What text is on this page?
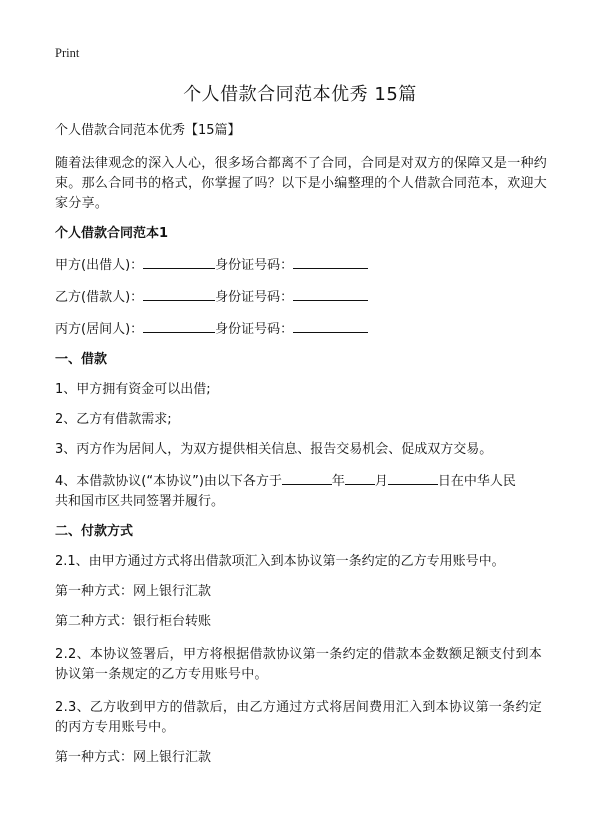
Print
个人借款合同范本优秀 15篇

个人借款合同范本优秀【15篇】

随着法律观念的深入人心，很多场合都离不了合同，合同是对双方的保障又是一种约束。那么合同书的格式，你掌握了吗？以下是小编整理的个人借款合同范本，欢迎大家分享。

个人借款合同范本1

甲方(出借人)：	身份证号码：

乙方(借款人)：	身份证号码：

丙方(居间人)：	身份证号码：

一、借款

1、甲方拥有资金可以出借;

2、乙方有借款需求;

3、丙方作为居间人，为双方提供相关信息、报告交易机会、促成双方交易。

4、本借款协议(“本协议”)由以下各方于	年 月	日在中华人民

共和国市区共同签署并履行。

二、付款方式

2.1、由甲方通过方式将出借款项汇入到本协议第一条约定的乙方专用账号中。

第一种方式：网上银行汇款

第二种方式：银行柜台转账

2.2、本协议签署后，甲方将根据借款协议第一条约定的借款本金数额足额支付到本协议第一条规定的乙方专用账号中。

2.3、乙方收到甲方的借款后，由乙方通过方式将居间费用汇入到本协议第一条约定的丙方专用账号中。

第一种方式：网上银行汇款
